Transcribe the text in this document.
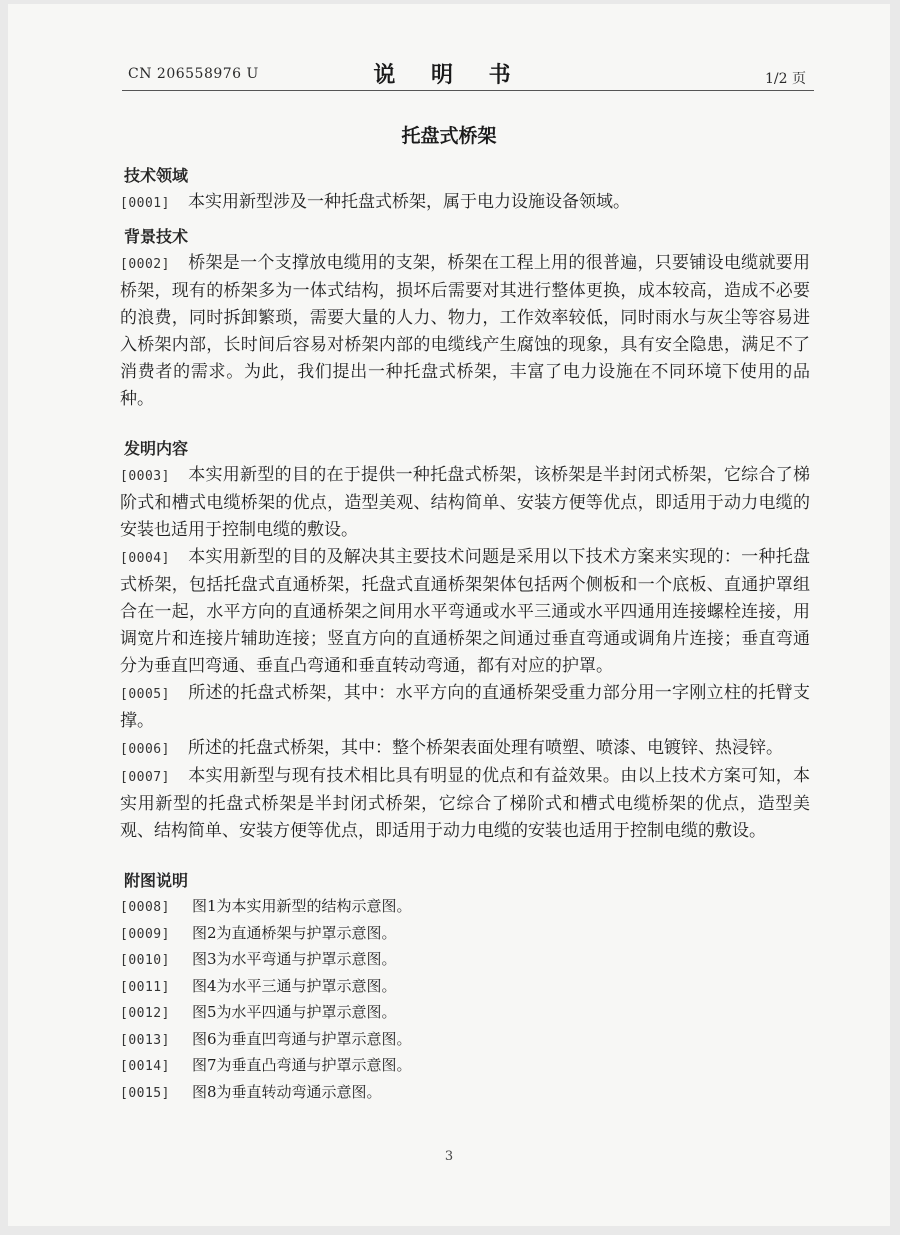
CN 206558976 U	说 明 书	1/2 页
托盘式桥架

技术领域

[0001] 本实用新型涉及一种托盘式桥架，属于电力设施设备领域。

背景技术

[0002] 桥架是一个支撑放电缆用的支架，桥架在工程上用的很普遍，只要铺设电缆就要用桥架，现有的桥架多为一体式结构，损坏后需要对其进行整体更换，成本较高，造成不必要的浪费，同时拆卸繁琐，需要大量的人力、物力，工作效率较低，同时雨水与灰尘等容易进入桥架内部，长时间后容易对桥架内部的电缆线产生腐蚀的现象，具有安全隐患，满足不了消费者的需求。为此，我们提出一种托盘式桥架，丰富了电力设施在不同环境下使用的品种。

发明内容

[0003] 本实用新型的目的在于提供一种托盘式桥架，该桥架是半封闭式桥架，它综合了梯阶式和槽式电缆桥架的优点，造型美观、结构简单、安装方便等优点，即适用于动力电缆的安装也适用于控制电缆的敷设。

[0004] 本实用新型的目的及解决其主要技术问题是采用以下技术方案来实现的：一种托盘式桥架，包括托盘式直通桥架，托盘式直通桥架架体包括两个侧板和一个底板、直通护罩组合在一起，水平方向的直通桥架之间用水平弯通或水平三通或水平四通用连接螺栓连接，用调宽片和连接片辅助连接；竖直方向的直通桥架之间通过垂直弯通或调角片连接；垂直弯通分为垂直凹弯通、垂直凸弯通和垂直转动弯通，都有对应的护罩。

[0005] 所述的托盘式桥架，其中：水平方向的直通桥架受重力部分用一字刚立柱的托臂支撑。

[0006] 所述的托盘式桥架，其中：整个桥架表面处理有喷塑、喷漆、电镀锌、热浸锌。

[0007] 本实用新型与现有技术相比具有明显的优点和有益效果。由以上技术方案可知，本实用新型的托盘式桥架是半封闭式桥架，它综合了梯阶式和槽式电缆桥架的优点，造型美观、结构简单、安装方便等优点，即适用于动力电缆的安装也适用于控制电缆的敷设。

附图说明

[0008] 图1为本实用新型的结构示意图。

[0009] 图2为直通桥架与护罩示意图。

[0010] 图3为水平弯通与护罩示意图。

[0011] 图4为水平三通与护罩示意图。

[0012] 图5为水平四通与护罩示意图。

[0013] 图6为垂直凹弯通与护罩示意图。

[0014] 图7为垂直凸弯通与护罩示意图。

[0015] 图8为垂直转动弯通示意图。

3
